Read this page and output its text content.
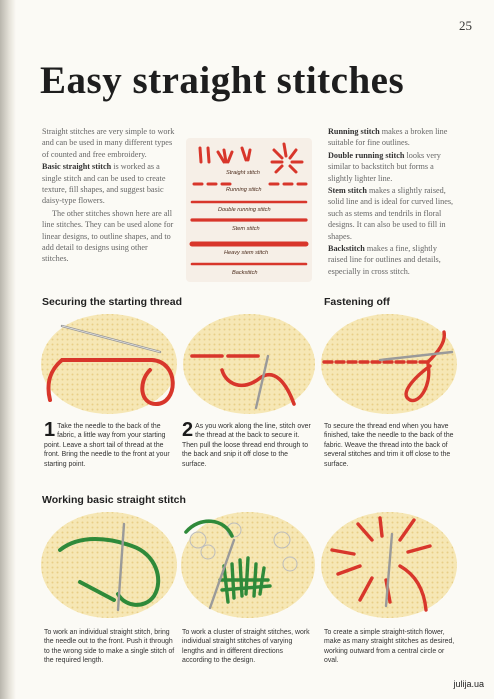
25
Easy straight stitches

Straight stitches are very simple to work and can be used in many different types of counted and free embroidery.

Basic straight stitch is worked as a single stitch and can be used to create texture, fill shapes, and suggest basic daisy-type flowers.

The other stitches shown here are all line stitches. They can be used alone for linear designs, to outline shapes, and to add detail to designs using other stitches.

Straight stitch
Running stitch
Double running stitch
Stem stitch
Heavy stem stitch
Backstitch

Running stitch makes a broken line suitable for fine outlines.

Double running stitch looks very similar to backstitch but forms a slightly lighter line.

Stem stitch makes a slightly raised, solid line and is ideal for curved lines, such as stems and tendrils in floral designs. It can also be used to fill in shapes.

Backstitch makes a fine, slightly raised line for outlines and details, especially in cross stitch.

Securing the starting thread	Fastening off
1 Take the needle to the back of the fabric, a little way from your starting point. Leave a short tail of thread at the front. Bring the needle to the front at your starting point.
2 As you work along the line, stitch over the thread at the back to secure it. Then pull the loose thread end through to the back and snip it off close to the surface.
To secure the thread end when you have finished, take the needle to the back of the fabric. Weave the thread into the back of several stitches and trim it off close to the surface.
Working basic straight stitch
To work an individual straight stitch, bring the needle out to the front. Push it through to the wrong side to make a single stitch of the required length.
To work a cluster of straight stitches, work individual straight stitches of varying lengths and in different directions according to the design.
To create a simple straight-stitch flower, make as many straight stitches as desired, working outward from a central circle or oval.
julija.ua
